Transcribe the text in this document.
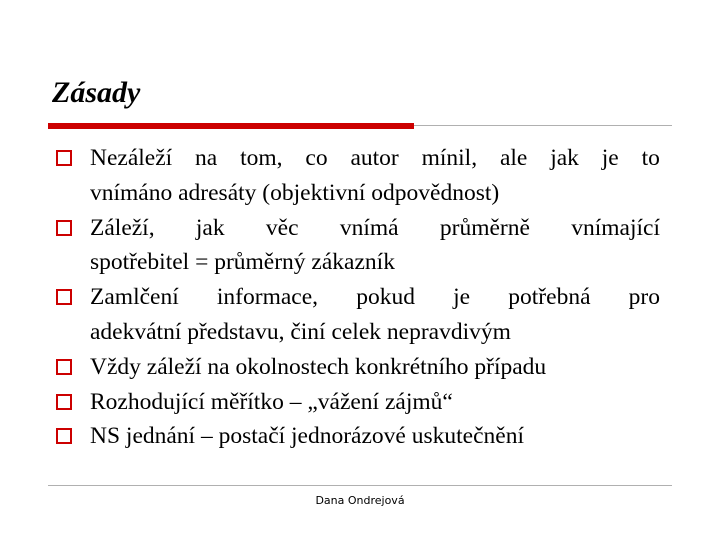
Zásady
Nezáleží na tom, co autor mínil, ale jak je to
vnímáno adresáty (objektivní odpovědnost)
Záleží, jak věc vnímá průměrně vnímající
spotřebitel = průměrný zákazník
Zamlčení informace, pokud je potřebná pro
adekvátní představu, činí celek nepravdivým
Vždy záleží na okolnostech konkrétního případu
Rozhodující měřítko – „vážení zájmů“
NS jednání – postačí jednorázové uskutečnění
Dana Ondrejová
